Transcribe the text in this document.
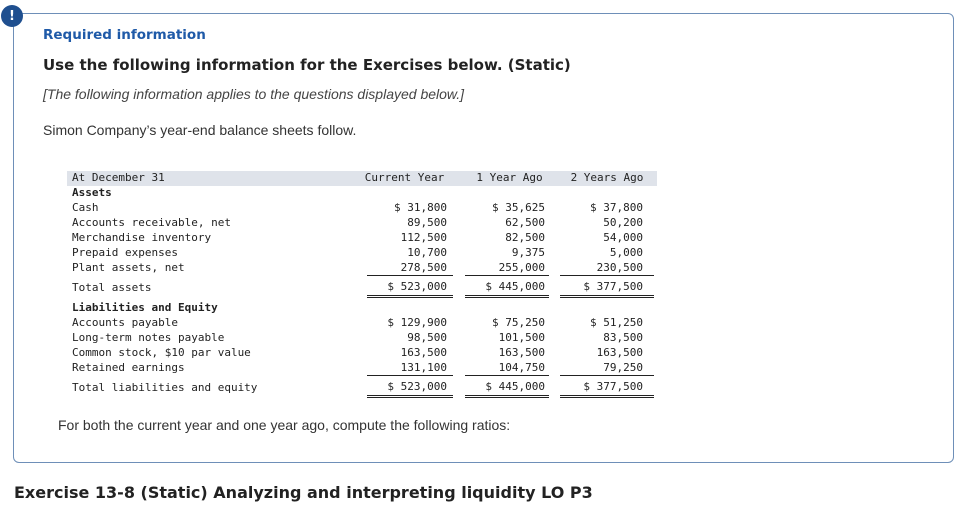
!
Required information
Use the following information for the Exercises below. (Static)
[The following information applies to the questions displayed below.]
Simon Company’s year-end balance sheets follow.
At December 31	Current Year	1 Year Ago	2 Years Ago
Assets
Cash	$ 31,800	$ 35,625	$ 37,800
Accounts receivable, net	89,500	62,500	50,200
Merchandise inventory	112,500	82,500	54,000
Prepaid expenses	10,700	9,375	5,000
Plant assets, net	278,500	255,000	230,500
Total assets	$ 523,000	$ 445,000	$ 377,500
Liabilities and Equity
Accounts payable	$ 129,900	$ 75,250	$ 51,250
Long-term notes payable	98,500	101,500	83,500
Common stock, $10 par value	163,500	163,500	163,500
Retained earnings	131,100	104,750	79,250
Total liabilities and equity	$ 523,000	$ 445,000	$ 377,500
For both the current year and one year ago, compute the following ratios:
Exercise 13-8 (Static) Analyzing and interpreting liquidity LO P3
